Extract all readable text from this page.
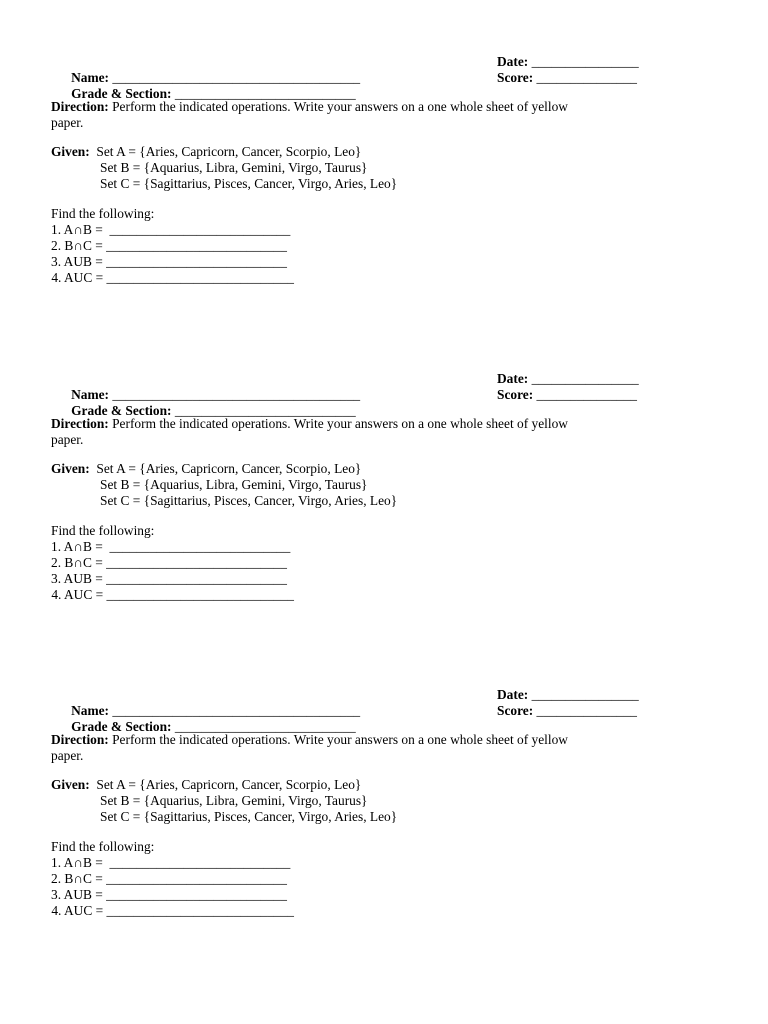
Name: _____________________________________

Date: ________________

Grade & Section: ___________________________

Score: _______________

Direction: Perform the indicated operations. Write your answers on a one whole sheet of yellow
paper.
Given:  Set A = {Aries, Capricorn, Cancer, Scorpio, Leo}
Set B = {Aquarius, Libra, Gemini, Virgo, Taurus}
Set C = {Sagittarius, Pisces, Cancer, Virgo, Aries, Leo}
Find the following:
1. A∩B =  ___________________________
2. B∩C = ___________________________
3. AUB = ___________________________
4. AUC = ____________________________

Name: _____________________________________

Date: ________________

Grade & Section: ___________________________

Score: _______________

Direction: Perform the indicated operations. Write your answers on a one whole sheet of yellow
paper.
Given:  Set A = {Aries, Capricorn, Cancer, Scorpio, Leo}
Set B = {Aquarius, Libra, Gemini, Virgo, Taurus}
Set C = {Sagittarius, Pisces, Cancer, Virgo, Aries, Leo}
Find the following:
1. A∩B =  ___________________________
2. B∩C = ___________________________
3. AUB = ___________________________
4. AUC = ____________________________

Name: _____________________________________

Date: ________________

Grade & Section: ___________________________

Score: _______________

Direction: Perform the indicated operations. Write your answers on a one whole sheet of yellow
paper.
Given:  Set A = {Aries, Capricorn, Cancer, Scorpio, Leo}
Set B = {Aquarius, Libra, Gemini, Virgo, Taurus}
Set C = {Sagittarius, Pisces, Cancer, Virgo, Aries, Leo}
Find the following:
1. A∩B =  ___________________________
2. B∩C = ___________________________
3. AUB = ___________________________
4. AUC = ____________________________
